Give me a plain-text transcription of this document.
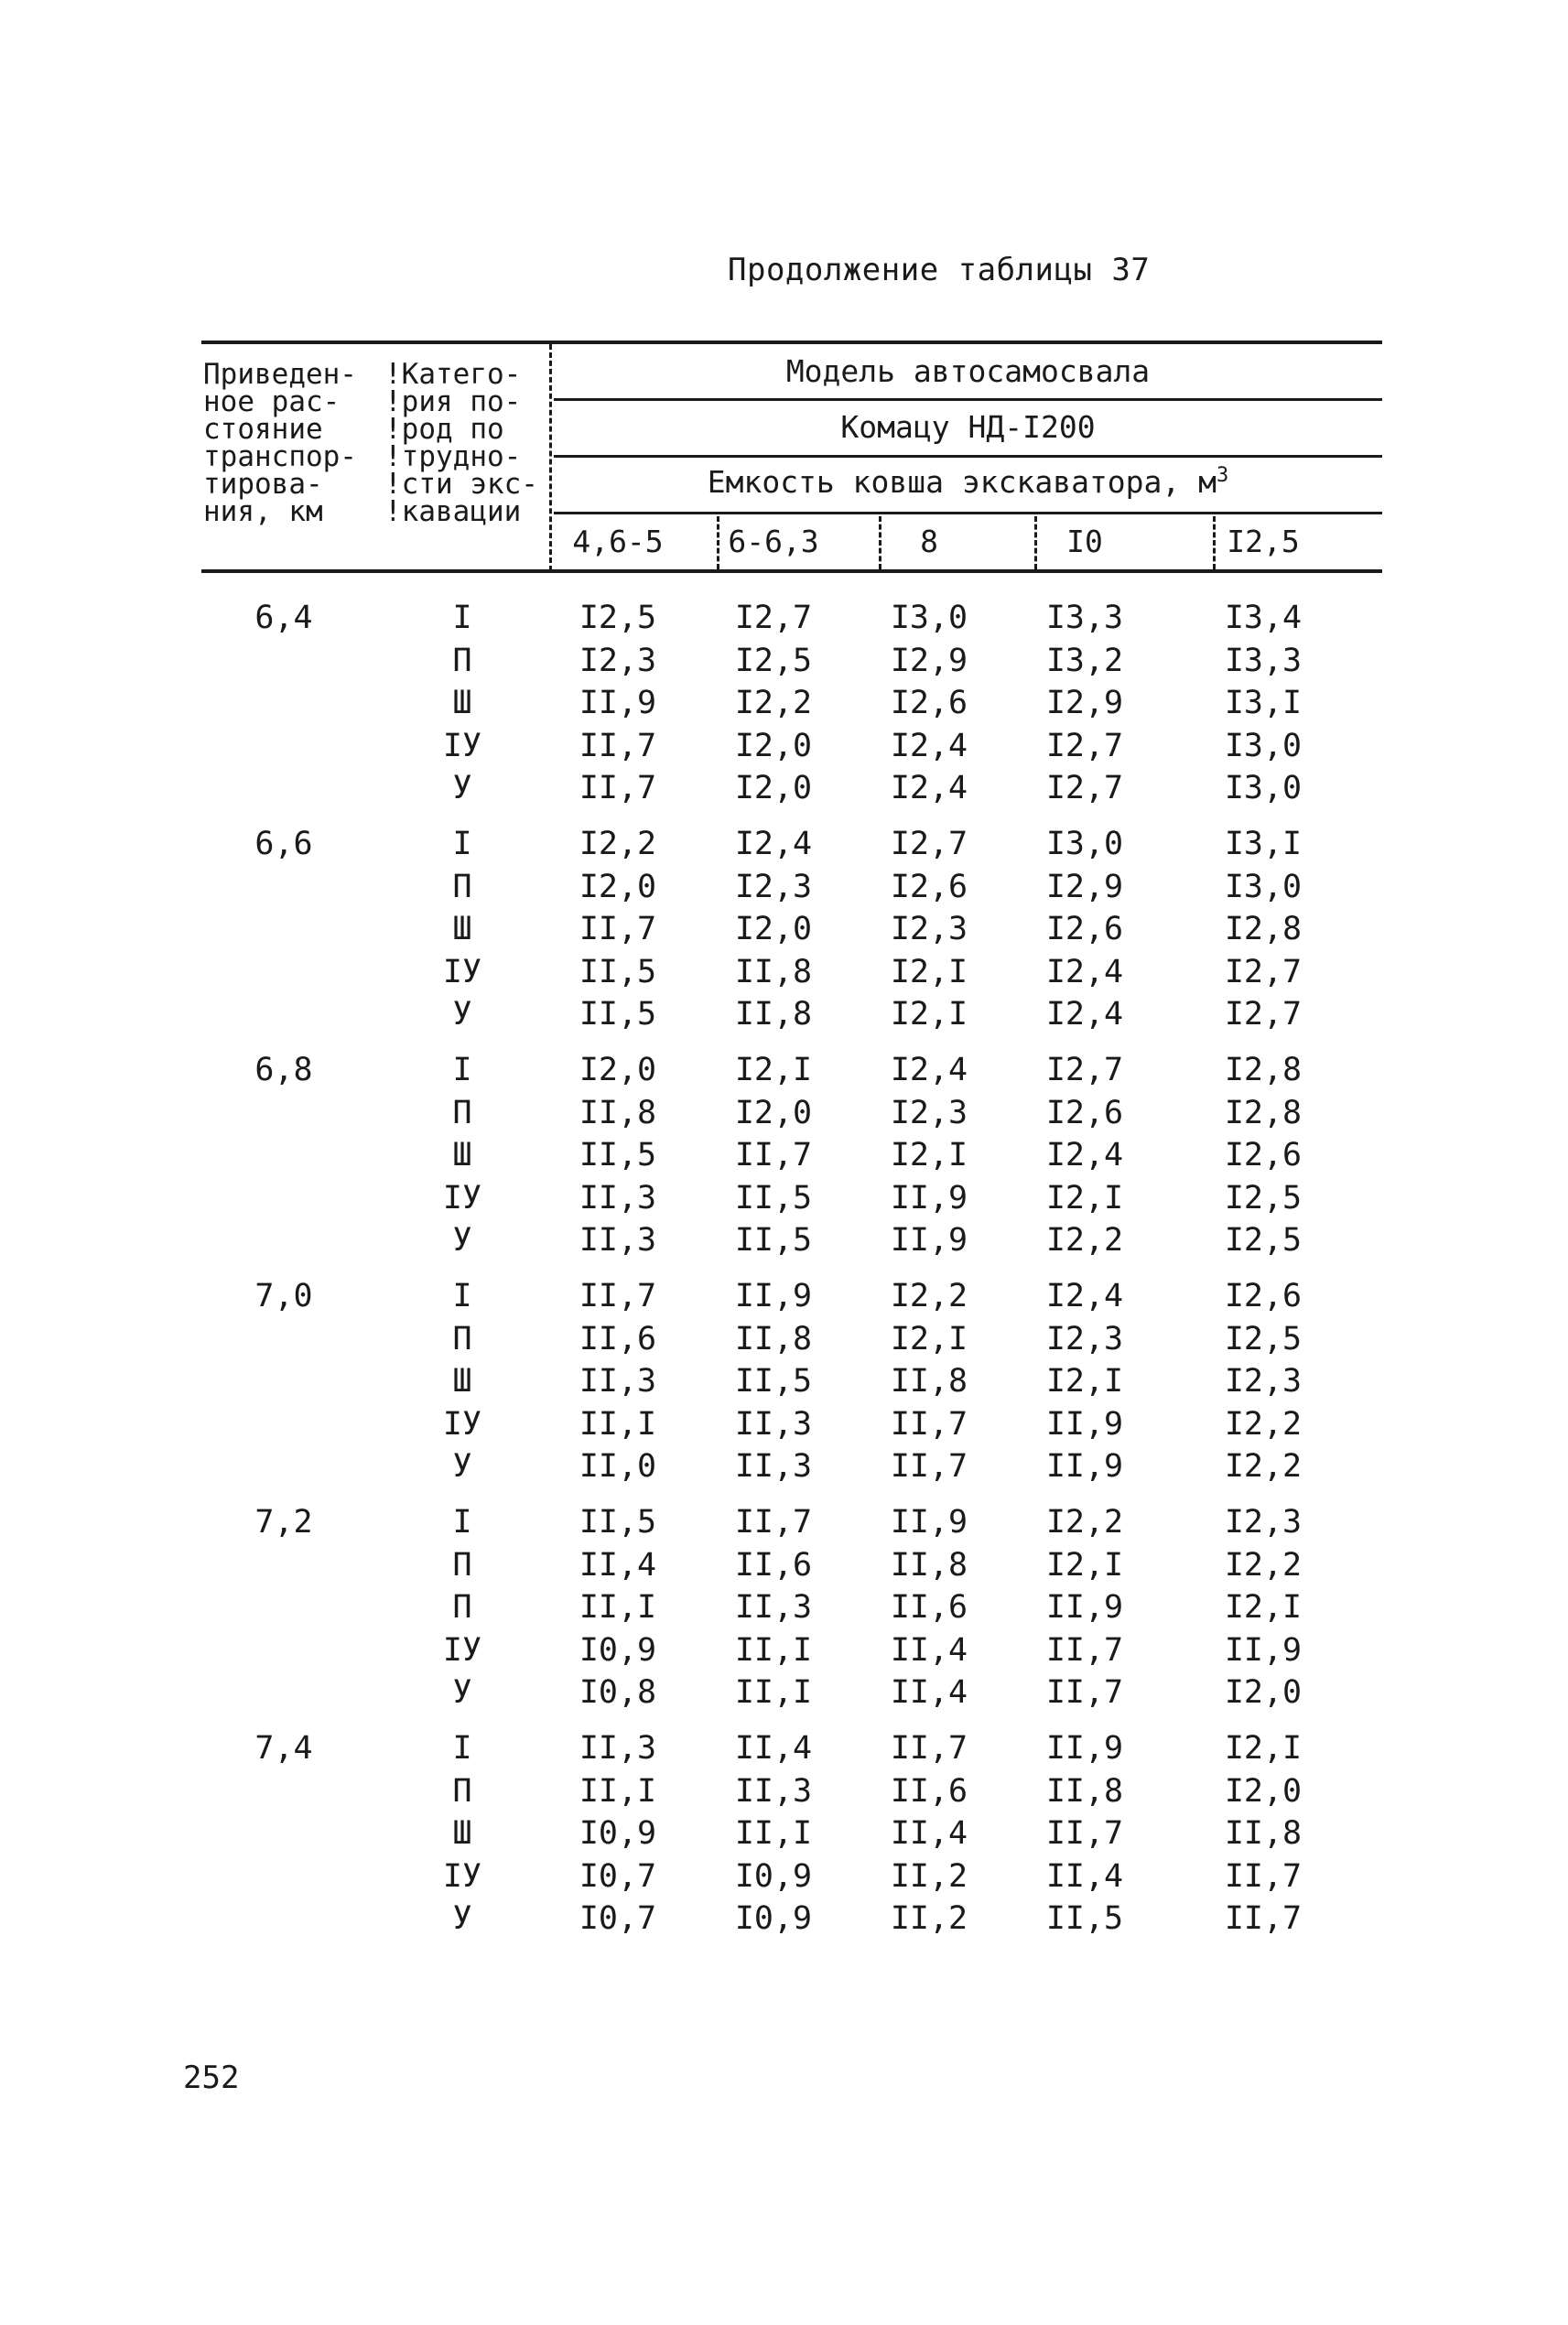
Продолжение таблицы 37
Приведен-
ное рас-
стояние
транспор-
тирова-
ния, км
!Катего-
!рия по-
!род по
!трудно-
!сти экс-
!кавации
Модель автосамосвала
Комацу НД-I200
Емкость ковша экскаватора, $м^3$
4,6-5 6-6,3	8	I0	I2,5
6,4	I	I2,5	I2,7	I3,0	I3,3	I3,4
П	I2,3	I2,5	I2,9	I3,2	I3,3
Ш	II,9	I2,2	I2,6	I2,9	I3,I
IУ	II,7	I2,0	I2,4	I2,7	I3,0
У	II,7	I2,0	I2,4	I2,7	I3,0
6,6	I	I2,2	I2,4	I2,7	I3,0	I3,I
П	I2,0	I2,3	I2,6	I2,9	I3,0
Ш	II,7	I2,0	I2,3	I2,6	I2,8
IУ	II,5	II,8	I2,I	I2,4	I2,7
У	II,5	II,8	I2,I	I2,4	I2,7
6,8	I	I2,0	I2,I	I2,4	I2,7	I2,8
П	II,8	I2,0	I2,3	I2,6	I2,8
Ш	II,5	II,7	I2,I	I2,4	I2,6
IУ	II,3	II,5	II,9	I2,I	I2,5
У	II,3	II,5	II,9	I2,2	I2,5
7,0	I	II,7	II,9	I2,2	I2,4	I2,6
П	II,6	II,8	I2,I	I2,3	I2,5
Ш	II,3	II,5	II,8	I2,I	I2,3
IУ	II,I	II,3	II,7	II,9	I2,2
У	II,0	II,3	II,7	II,9	I2,2
7,2	I	II,5	II,7	II,9	I2,2	I2,3
П	II,4	II,6	II,8	I2,I	I2,2
П	II,I	II,3	II,6	II,9	I2,I
IУ	I0,9	II,I	II,4	II,7	II,9
У	I0,8	II,I	II,4	II,7	I2,0
7,4	I	II,3	II,4	II,7	II,9	I2,I
П	II,I	II,3	II,6	II,8	I2,0
Ш	I0,9	II,I	II,4	II,7	II,8
IУ	I0,7	I0,9	II,2	II,4	II,7
У	I0,7	I0,9	II,2	II,5	II,7
252
